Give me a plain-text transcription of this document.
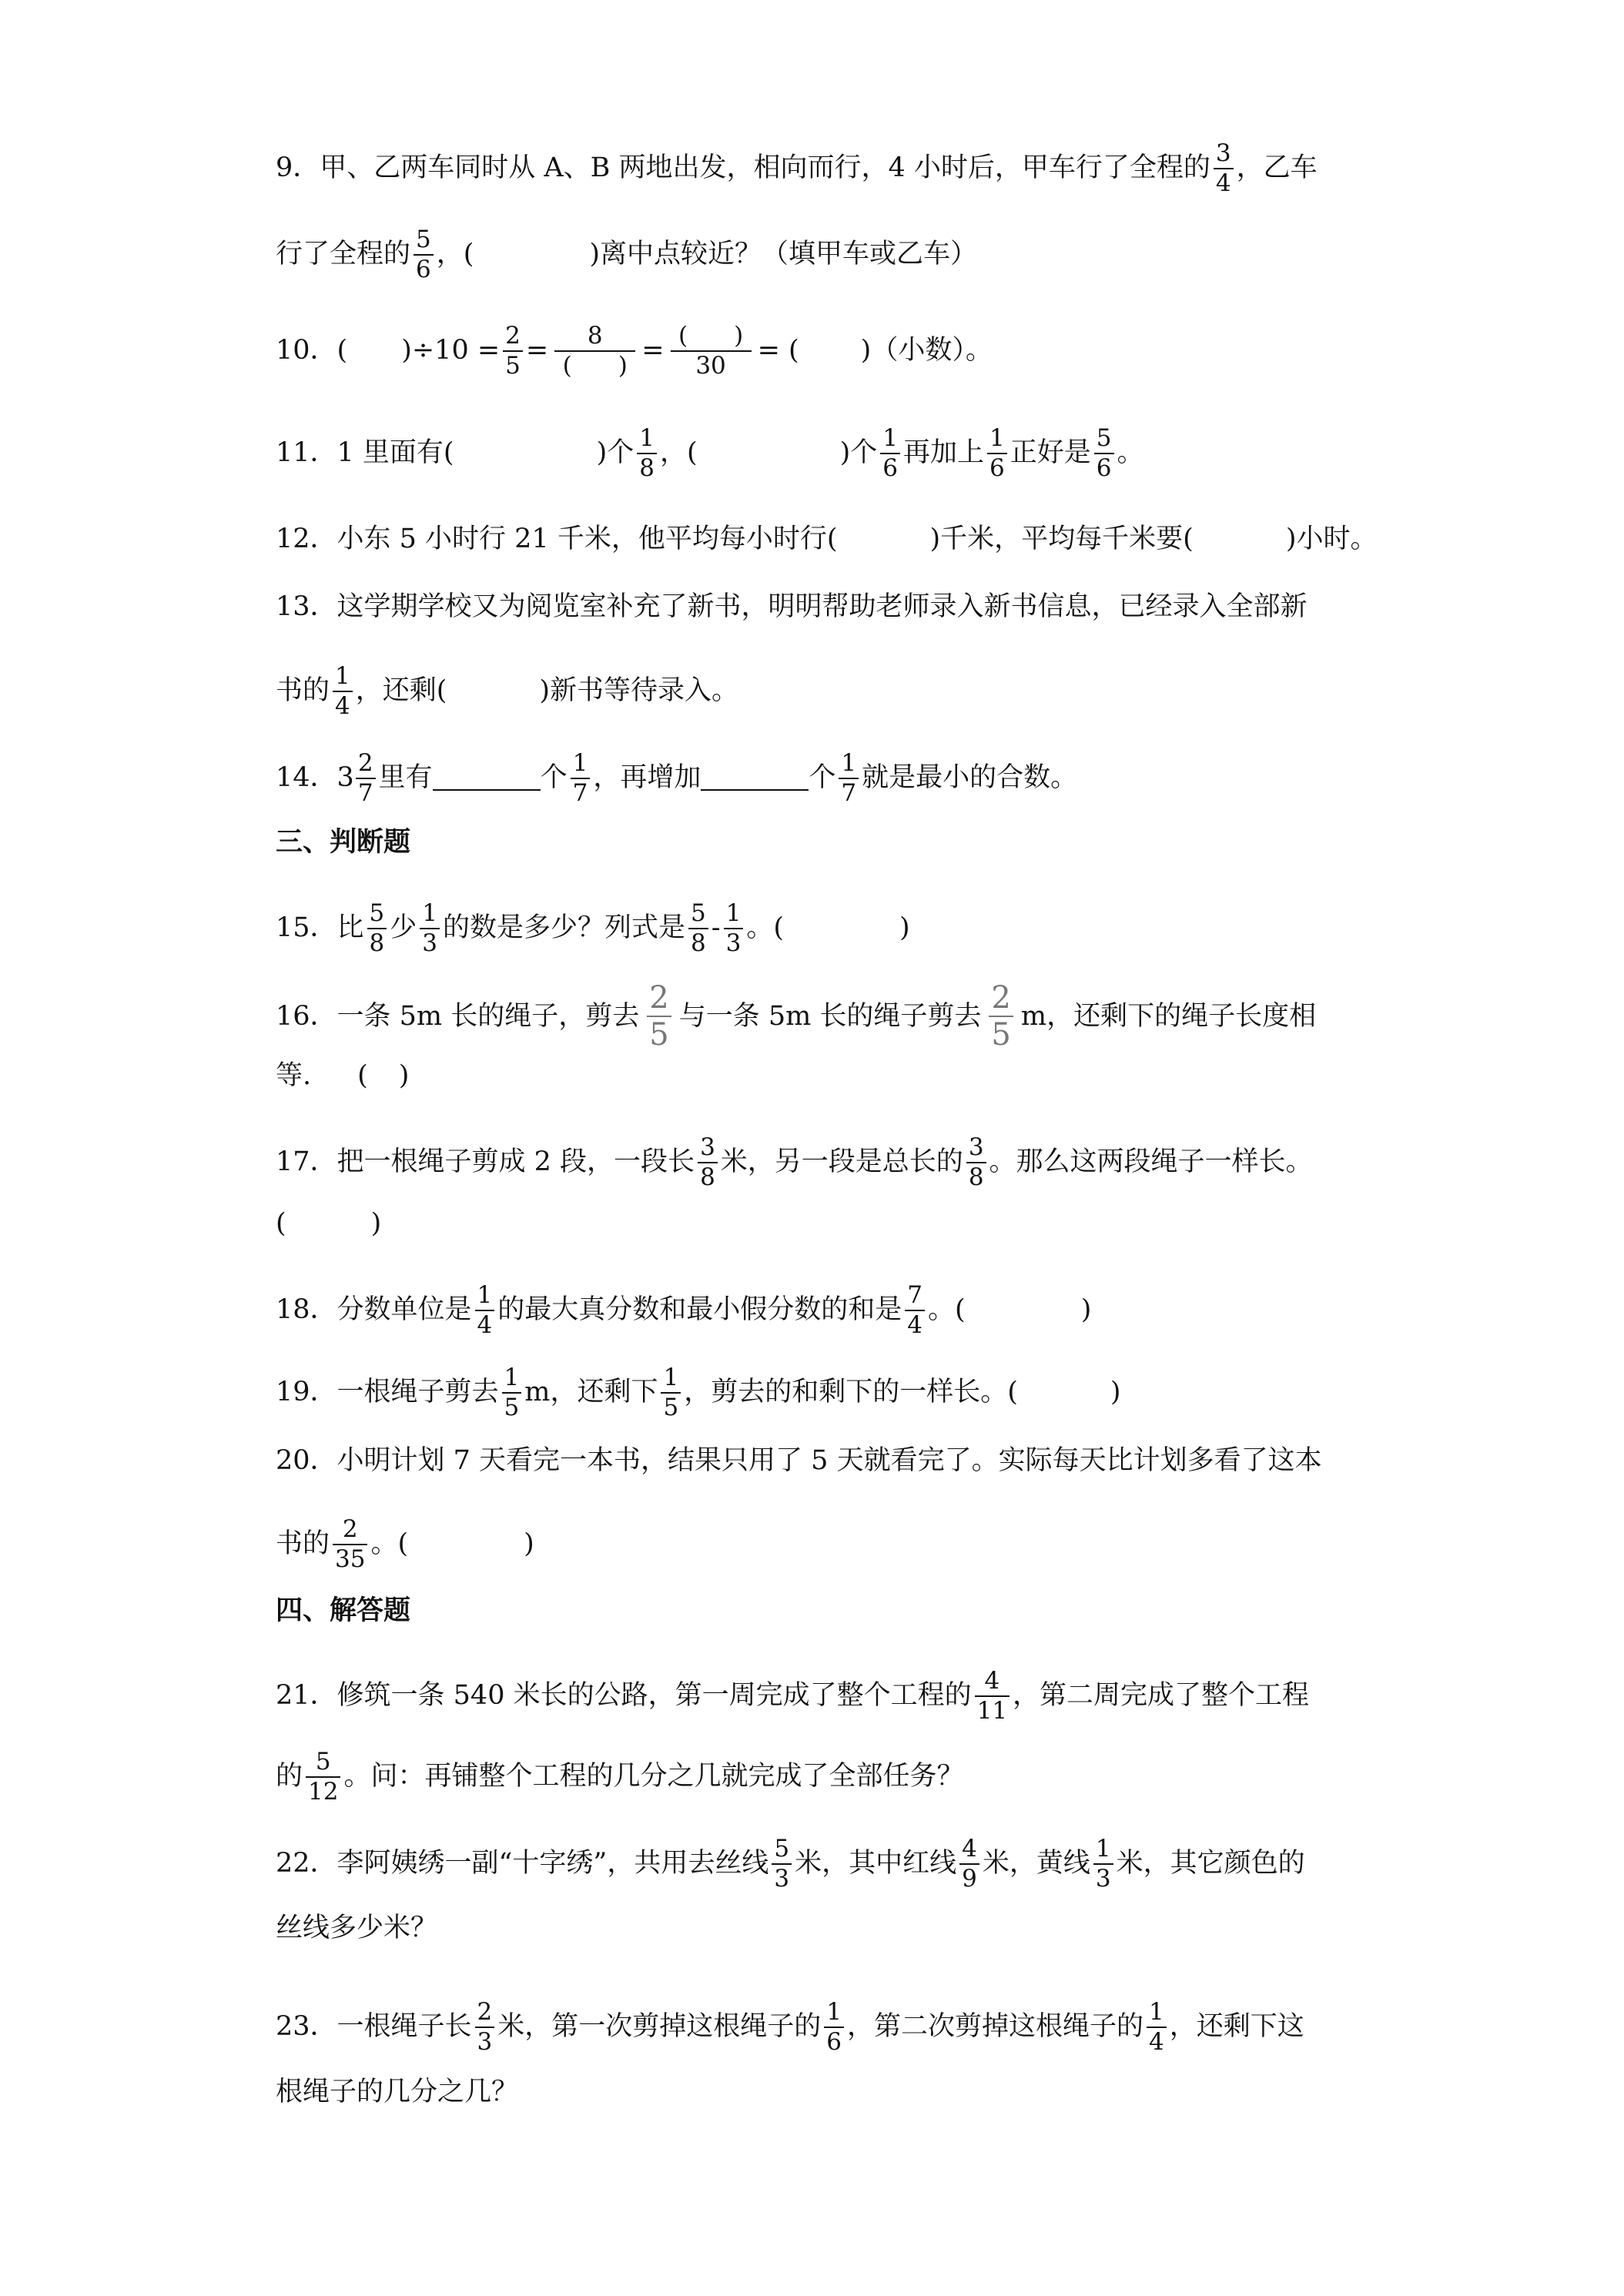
9．甲、乙两车同时从 A、B 两地出发，相向而行，4 小时后，甲车行了全程的 $\frac{3}{4}$ ，乙车
行了全程的 $\frac{5}{6}$ ，(	)离中点较近？（填甲车或乙车）
10．( )$\div 10 = \frac{2}{5} = \frac{8}{( )} = \frac{( )}{30}$ = ( )（小数）。
11．1 里面有(	)个 $\frac{1}{8}$ ，(	)个 $\frac{1}{6}$ 再加上 $\frac{1}{6}$ 正好是 $\frac{5}{6}$ 。
12．小东 5 小时行 21 千米，他平均每小时行(	)千米，平均每千米要(	)小时。
13．这学期学校又为阅览室补充了新书，明明帮助老师录入新书信息，已经录入全部新
书的 $\frac{1}{4}$ ，还剩(	)新书等待录入。
14．$3 \frac{2}{7}$ 里有	个 $\frac{1}{7}$ ，再增加	个 $\frac{1}{7}$ 就是最小的合数。
三、判断题
15．比 $\frac{5}{8}$ 少 $\frac{1}{3}$ 的数是多少？列式是 $\frac{5}{8} - \frac{1}{3}$ 。(	)
16．一条 5m 长的绳子，剪去 $\frac{2}{5}$ 与一条 5m 长的绳子剪去 $\frac{2}{5}$ m，还剩下的绳子长度相
等. ( )
17．把一根绳子剪成 2 段，一段长 $\frac{3}{8}$ 米，另一段是总长的 $\frac{3}{8}$ 。那么这两段绳子一样长。
(	)
18．分数单位是 $\frac{1}{4}$ 的最大真分数和最小假分数的和是 $\frac{7}{4}$ 。(	)
19．一根绳子剪去 $\frac{1}{5}$ m，还剩下 $\frac{1}{5}$ ，剪去的和剩下的一样长。(	)
20．小明计划 7 天看完一本书，结果只用了 5 天就看完了。实际每天比计划多看了这本
书的 $\frac{2}{35}$ 。(	)
四、解答题
21．修筑一条 540 米长的公路，第一周完成了整个工程的 $\frac{4}{11}$ ，第二周完成了整个工程
的 $\frac{5}{12}$ 。问：再铺整个工程的几分之几就完成了全部任务？
22．李阿姨绣一副“十字绣”，共用去丝线 $\frac{5}{3}$ 米，其中红线 $\frac{4}{9}$ 米，黄线 $\frac{1}{3}$ 米，其它颜色的
丝线多少米？
23．一根绳子长 $\frac{2}{3}$ 米，第一次剪掉这根绳子的 $\frac{1}{6}$ ，第二次剪掉这根绳子的 $\frac{1}{4}$ ，还剩下这
根绳子的几分之几？
